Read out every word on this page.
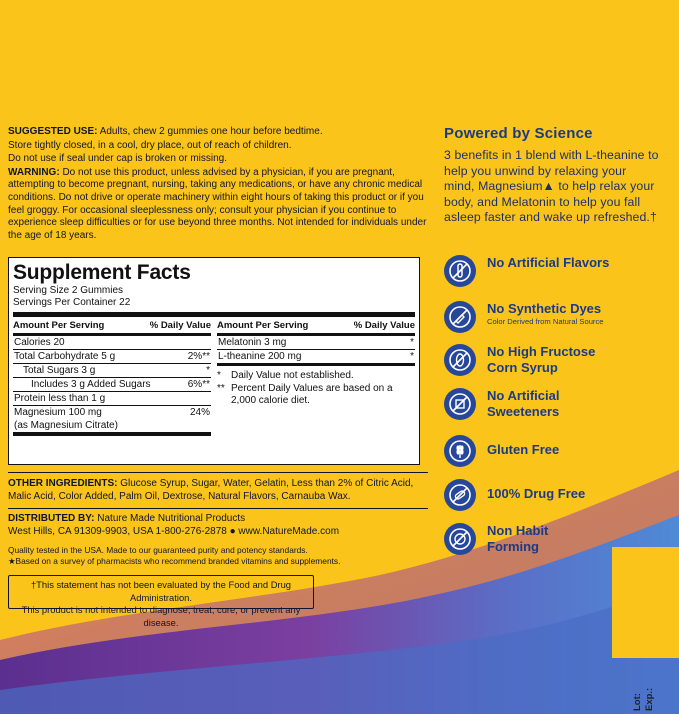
SUGGESTED USE: Adults, chew 2 gummies one hour before bedtime.

Store tightly closed, in a cool, dry place, out of reach of children.

Do not use if seal under cap is broken or missing.

WARNING: Do not use this product, unless advised by a physician, if you are pregnant, attempting to become pregnant, nursing, taking any medications, or have any chronic medical conditions. Do not drive or operate machinery within eight hours of taking this product or if you feel groggy. For occasional sleeplessness only; consult your physician if you continue to experience sleep difficulties or for use beyond three months. Not intended for individuals under the age of 18 years.

Supplement Facts
Serving Size 2 Gummies
Servings Per Container 22
Amount Per Serving	% Daily Value
Calories 20
Total Carbohydrate 5 g	2%**
Total Sugars 3 g	*
Includes 3 g Added Sugars	6%**
Protein less than 1 g
Magnesium 100 mg	24%
(as Magnesium Citrate)
Amount Per Serving	% Daily Value
Melatonin 3 mg	*
L-theanine 200 mg	*
*	Daily Value not established.
** Percent Daily Values are based on a 2,000 calorie diet.
OTHER INGREDIENTS: Glucose Syrup, Sugar, Water, Gelatin, Less than 2% of Citric Acid, Malic Acid, Color Added, Palm Oil, Dextrose, Natural Flavors, Carnauba Wax.
DISTRIBUTED BY: Nature Made Nutritional Products
West Hills, CA 91309-9903, USA 1-800-276-2878 ● www.NatureMade.com
Quality tested in the USA. Made to our guaranteed purity and potency standards.
★Based on a survey of pharmacists who recommend branded vitamins and supplements.
†This statement has not been evaluated by the Food and Drug Administration.
This product is not intended to diagnose, treat, cure, or prevent any disease.
Powered by Science
3 benefits in 1 blend with L-theanine to help you unwind by relaxing your mind, Magnesium▲ to help relax your body, and Melatonin to help you fall asleep faster and wake up refreshed.†
No Artificial Flavors
No Synthetic Dyes
Color Derived from Natural Source
No High Fructose
Corn Syrup
No Artificial
Sweeteners
Gluten Free
100% Drug Free
Non Habit
Forming
Lot:
Exp.:
